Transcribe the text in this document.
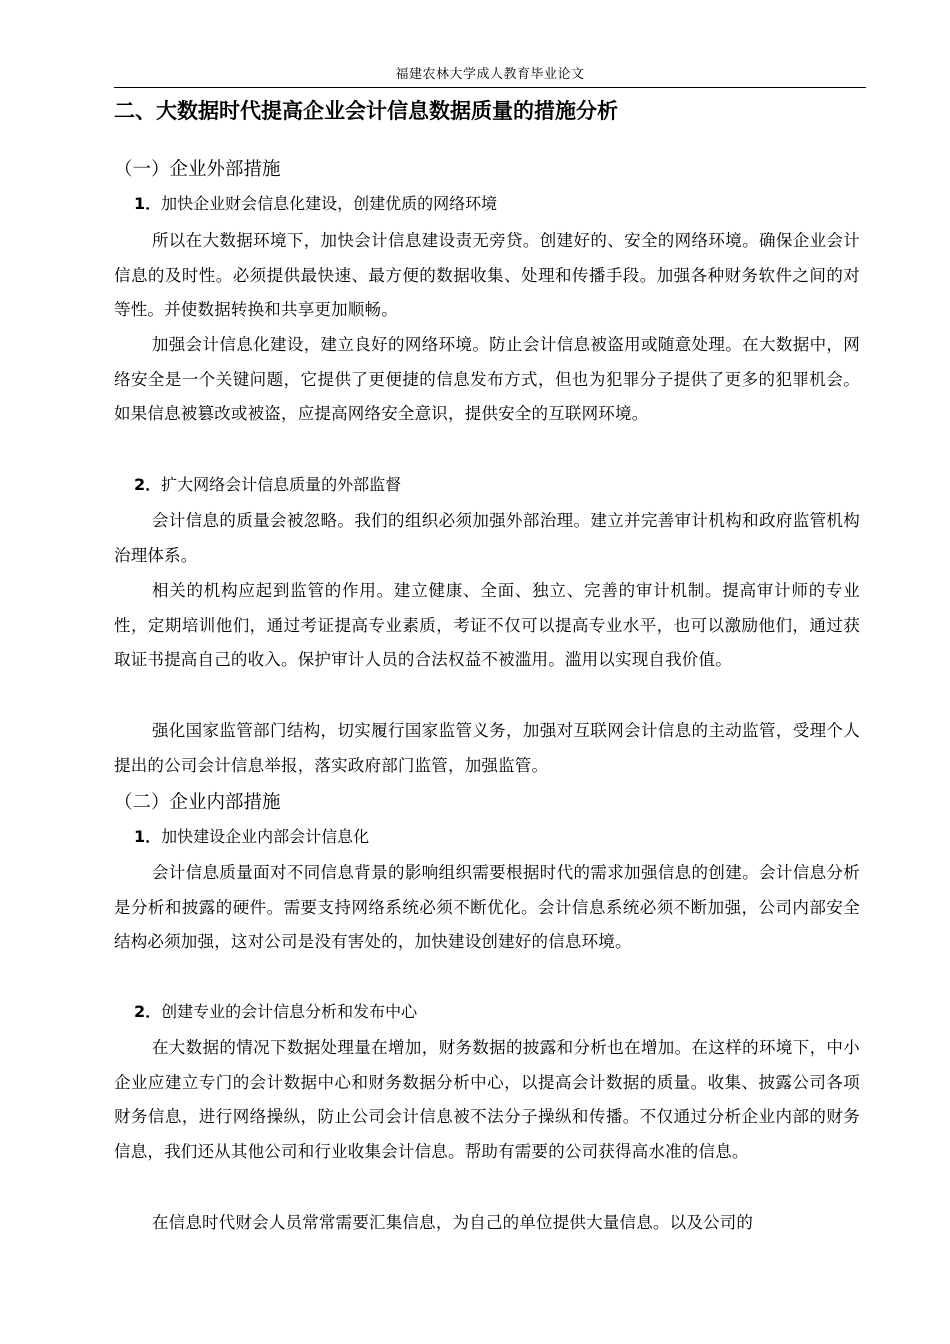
福建农林大学成人教育毕业论文
二、大数据时代提高企业会计信息数据质量的措施分析
（一）企业外部措施
1．加快企业财会信息化建设，创建优质的网络环境

所以在大数据环境下，加快会计信息建设责无旁贷。创建好的、安全的网络环境。确保企业会计信息的及时性。必须提供最快速、最方便的数据收集、处理和传播手段。加强各种财务软件之间的对等性。并使数据转换和共享更加顺畅。

加强会计信息化建设，建立良好的网络环境。防止会计信息被盗用或随意处理。在大数据中，网络安全是一个关键问题，它提供了更便捷的信息发布方式，但也为犯罪分子提供了更多的犯罪机会。如果信息被篡改或被盗，应提高网络安全意识，提供安全的互联网环境。

2．扩大网络会计信息质量的外部监督

会计信息的质量会被忽略。我们的组织必须加强外部治理。建立并完善审计机构和政府监管机构治理体系。

相关的机构应起到监管的作用。建立健康、全面、独立、完善的审计机制。提高审计师的专业性，定期培训他们，通过考证提高专业素质，考证不仅可以提高专业水平，也可以激励他们，通过获取证书提高自己的收入。保护审计人员的合法权益不被滥用。滥用以实现自我价值。

强化国家监管部门结构，切实履行国家监管义务，加强对互联网会计信息的主动监管，受理个人提出的公司会计信息举报，落实政府部门监管，加强监管。

（二）企业内部措施
1．加快建设企业内部会计信息化

会计信息质量面对不同信息背景的影响组织需要根据时代的需求加强信息的创建。会计信息分析是分析和披露的硬件。需要支持网络系统必须不断优化。会计信息系统必须不断加强，公司内部安全结构必须加强，这对公司是没有害处的，加快建设创建好的信息环境。

2．创建专业的会计信息分析和发布中心

在大数据的情况下数据处理量在增加，财务数据的披露和分析也在增加。在这样的环境下，中小企业应建立专门的会计数据中心和财务数据分析中心，以提高会计数据的质量。收集、披露公司各项财务信息，进行网络操纵，防止公司会计信息被不法分子操纵和传播。不仅通过分析企业内部的财务信息，我们还从其他公司和行业收集会计信息。帮助有需要的公司获得高水准的信息。

在信息时代财会人员常常需要汇集信息，为自己的单位提供大量信息。以及公司的
